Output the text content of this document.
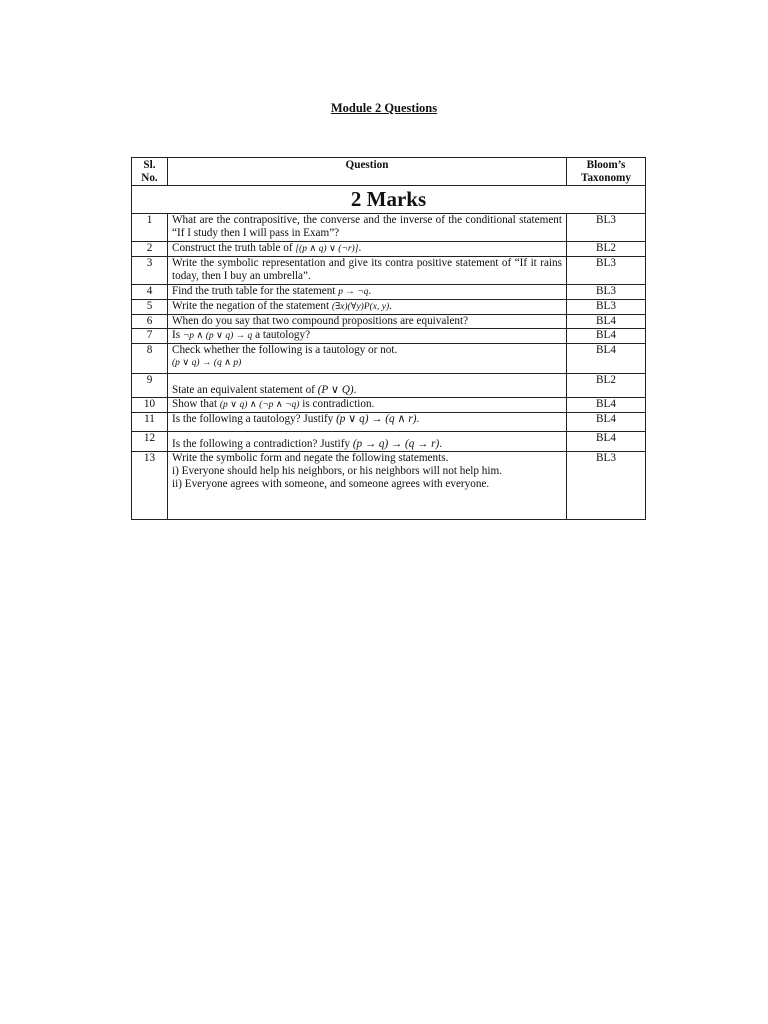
Module 2 Questions
Sl. No.	Question	Bloom’s Taxonomy
2 Marks		
1	What are the contrapositive, the converse and the inverse of the conditional statement “If I study then I will pass in Exam”?	BL3
2	Construct the truth table of [(p ∧ q) ∨ (¬r)].	BL2
3	Write the symbolic representation and give its contra positive statement of “If it rains today, then I buy an umbrella”.	BL3
4	Find the truth table for the statement p → ¬q.	BL3
5	Write the negation of the statement (∃x)(∀y)P(x, y).	BL3
6	When do you say that two compound propositions are equivalent?	BL4
7	Is ¬p ∧ (p ∨ q) → q a tautology?	BL4
8	Check whether the following is a tautology or not.
(p ∨ q) → (q ∧ p)	BL4
9	State an equivalent statement of (P ∨ Q).	BL2
10	Show that (p ∨ q) ∧ (¬p ∧ ¬q) is contradiction.	BL4
11	Is the following a tautology? Justify (p ∨ q) → (q ∧ r).	BL4
12	Is the following a contradiction? Justify (p → q) → (q → r).	BL4
13	Write the symbolic form and negate the following statements.
i) Everyone should help his neighbors, or his neighbors will not help him.
ii) Everyone agrees with someone, and someone agrees with everyone.	BL3
